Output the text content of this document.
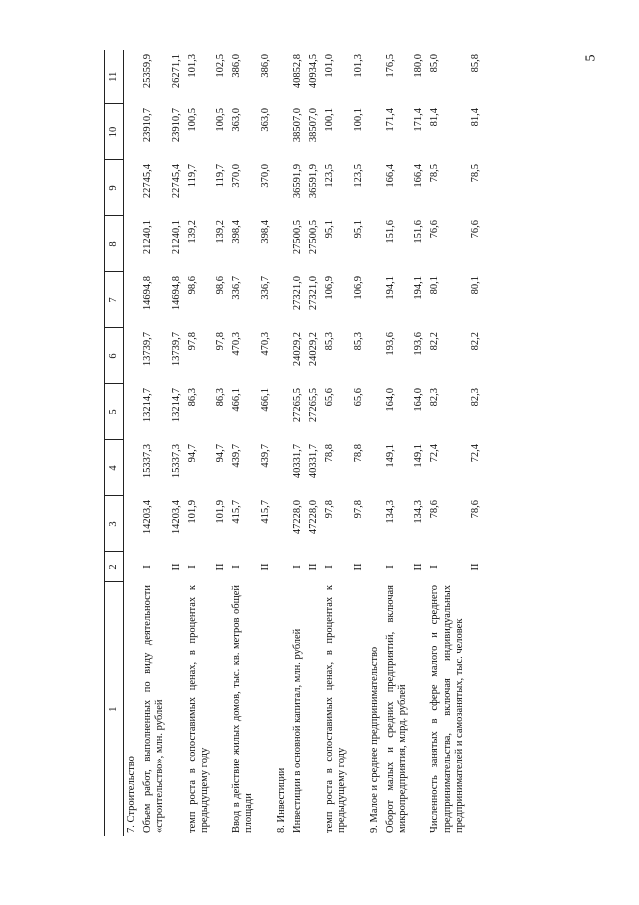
5
1	2	3	4	5	6	7	8	9	10	11
7. Строительство										
Объем работ, выполненных по виду деятельности «строительство», млн. рублей	I	14203,4	15337,3	13214,7	13739,7	14694,8	21240,1	22745,4	23910,7	25359,9
	II	14203,4	15337,3	13214,7	13739,7	14694,8	21240,1	22745,4	23910,7	26271,1
темп роста в сопоставимых ценах, в процентах к предыдущему году	I	101,9	94,7	86,3	97,8	98,6	139,2	119,7	100,5	101,3
	II	101,9	94,7	86,3	97,8	98,6	139,2	119,7	100,5	102,5
Ввод в действие жилых домов, тыс. кв. метров общей площади	I	415,7	439,7	466,1	470,3	336,7	398,4	370,0	363,0	386,0
	II	415,7	439,7	466,1	470,3	336,7	398,4	370,0	363,0	386,0
8. Инвестиции										
Инвестиции в основной капитал, млн. рублей	I	47228,0	40331,7	27265,5	24029,2	27321,0	27500,5	36591,9	38507,0	40852,8
	II	47228,0	40331,7	27265,5	24029,2	27321,0	27500,5	36591,9	38507,0	40934,5
темп роста в сопоставимых ценах, в процентах к предыдущему году	I	97,8	78,8	65,6	85,3	106,9	95,1	123,5	100,1	101,0
	II	97,8	78,8	65,6	85,3	106,9	95,1	123,5	100,1	101,3
9. Малое и среднее предпринимательство										
Оборот малых и средних предприятий, включая микропредприятия, млрд. рублей	I	134,3	149,1	164,0	193,6	194,1	151,6	166,4	171,4	176,5
	II	134,3	149,1	164,0	193,6	194,1	151,6	166,4	171,4	180,0
Численность занятых в сфере малого и среднего предпринимательства, включая индивидуальных предпринимателей и самозанятых, тыс. человек	I	78,6	72,4	82,3	82,2	80,1	76,6	78,5	81,4	85,0
	II	78,6	72,4	82,3	82,2	80,1	76,6	78,5	81,4	85,8
